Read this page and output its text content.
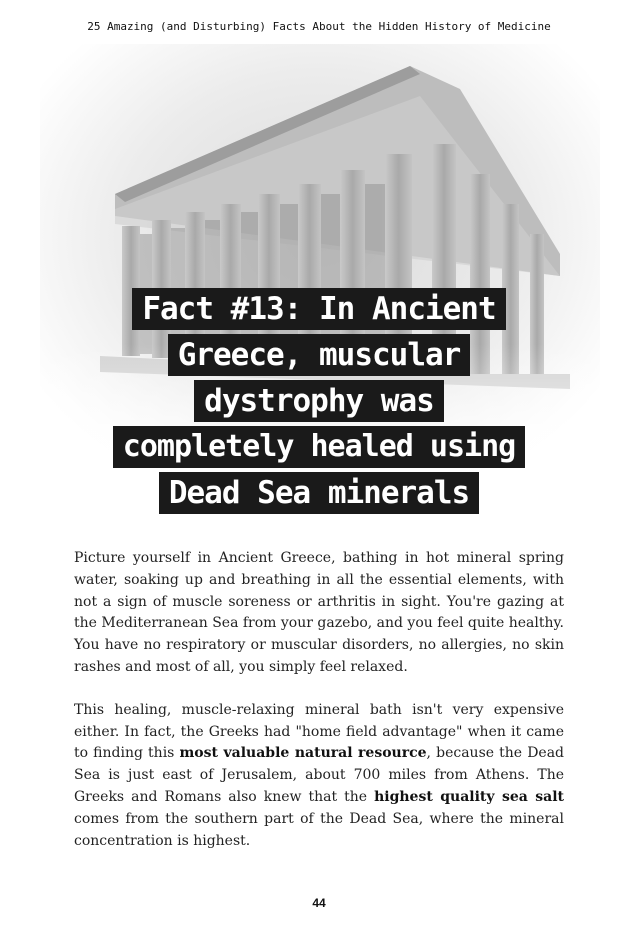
25 Amazing (and Disturbing) Facts About the Hidden History of Medicine
Fact #13: In Ancient
Greece, muscular
dystrophy was
completely healed using
Dead Sea minerals

Picture yourself in Ancient Greece, bathing in hot mineral spring water, soaking up and breathing in all the essential elements, with not a sign of muscle soreness or arthritis in sight. You're gazing at the Mediterranean Sea from your gazebo, and you feel quite healthy. You have no respiratory or muscular disorders, no allergies, no skin rashes and most of all, you simply feel relaxed.

This healing, muscle-relaxing mineral bath isn't very expensive either. In fact, the Greeks had "home field advantage" when it came to finding this most valuable natural resource, because the Dead Sea is just east of Jerusalem, about 700 miles from Athens. The Greeks and Romans also knew that the highest quality sea salt comes from the southern part of the Dead Sea, where the mineral concentration is highest.

44
